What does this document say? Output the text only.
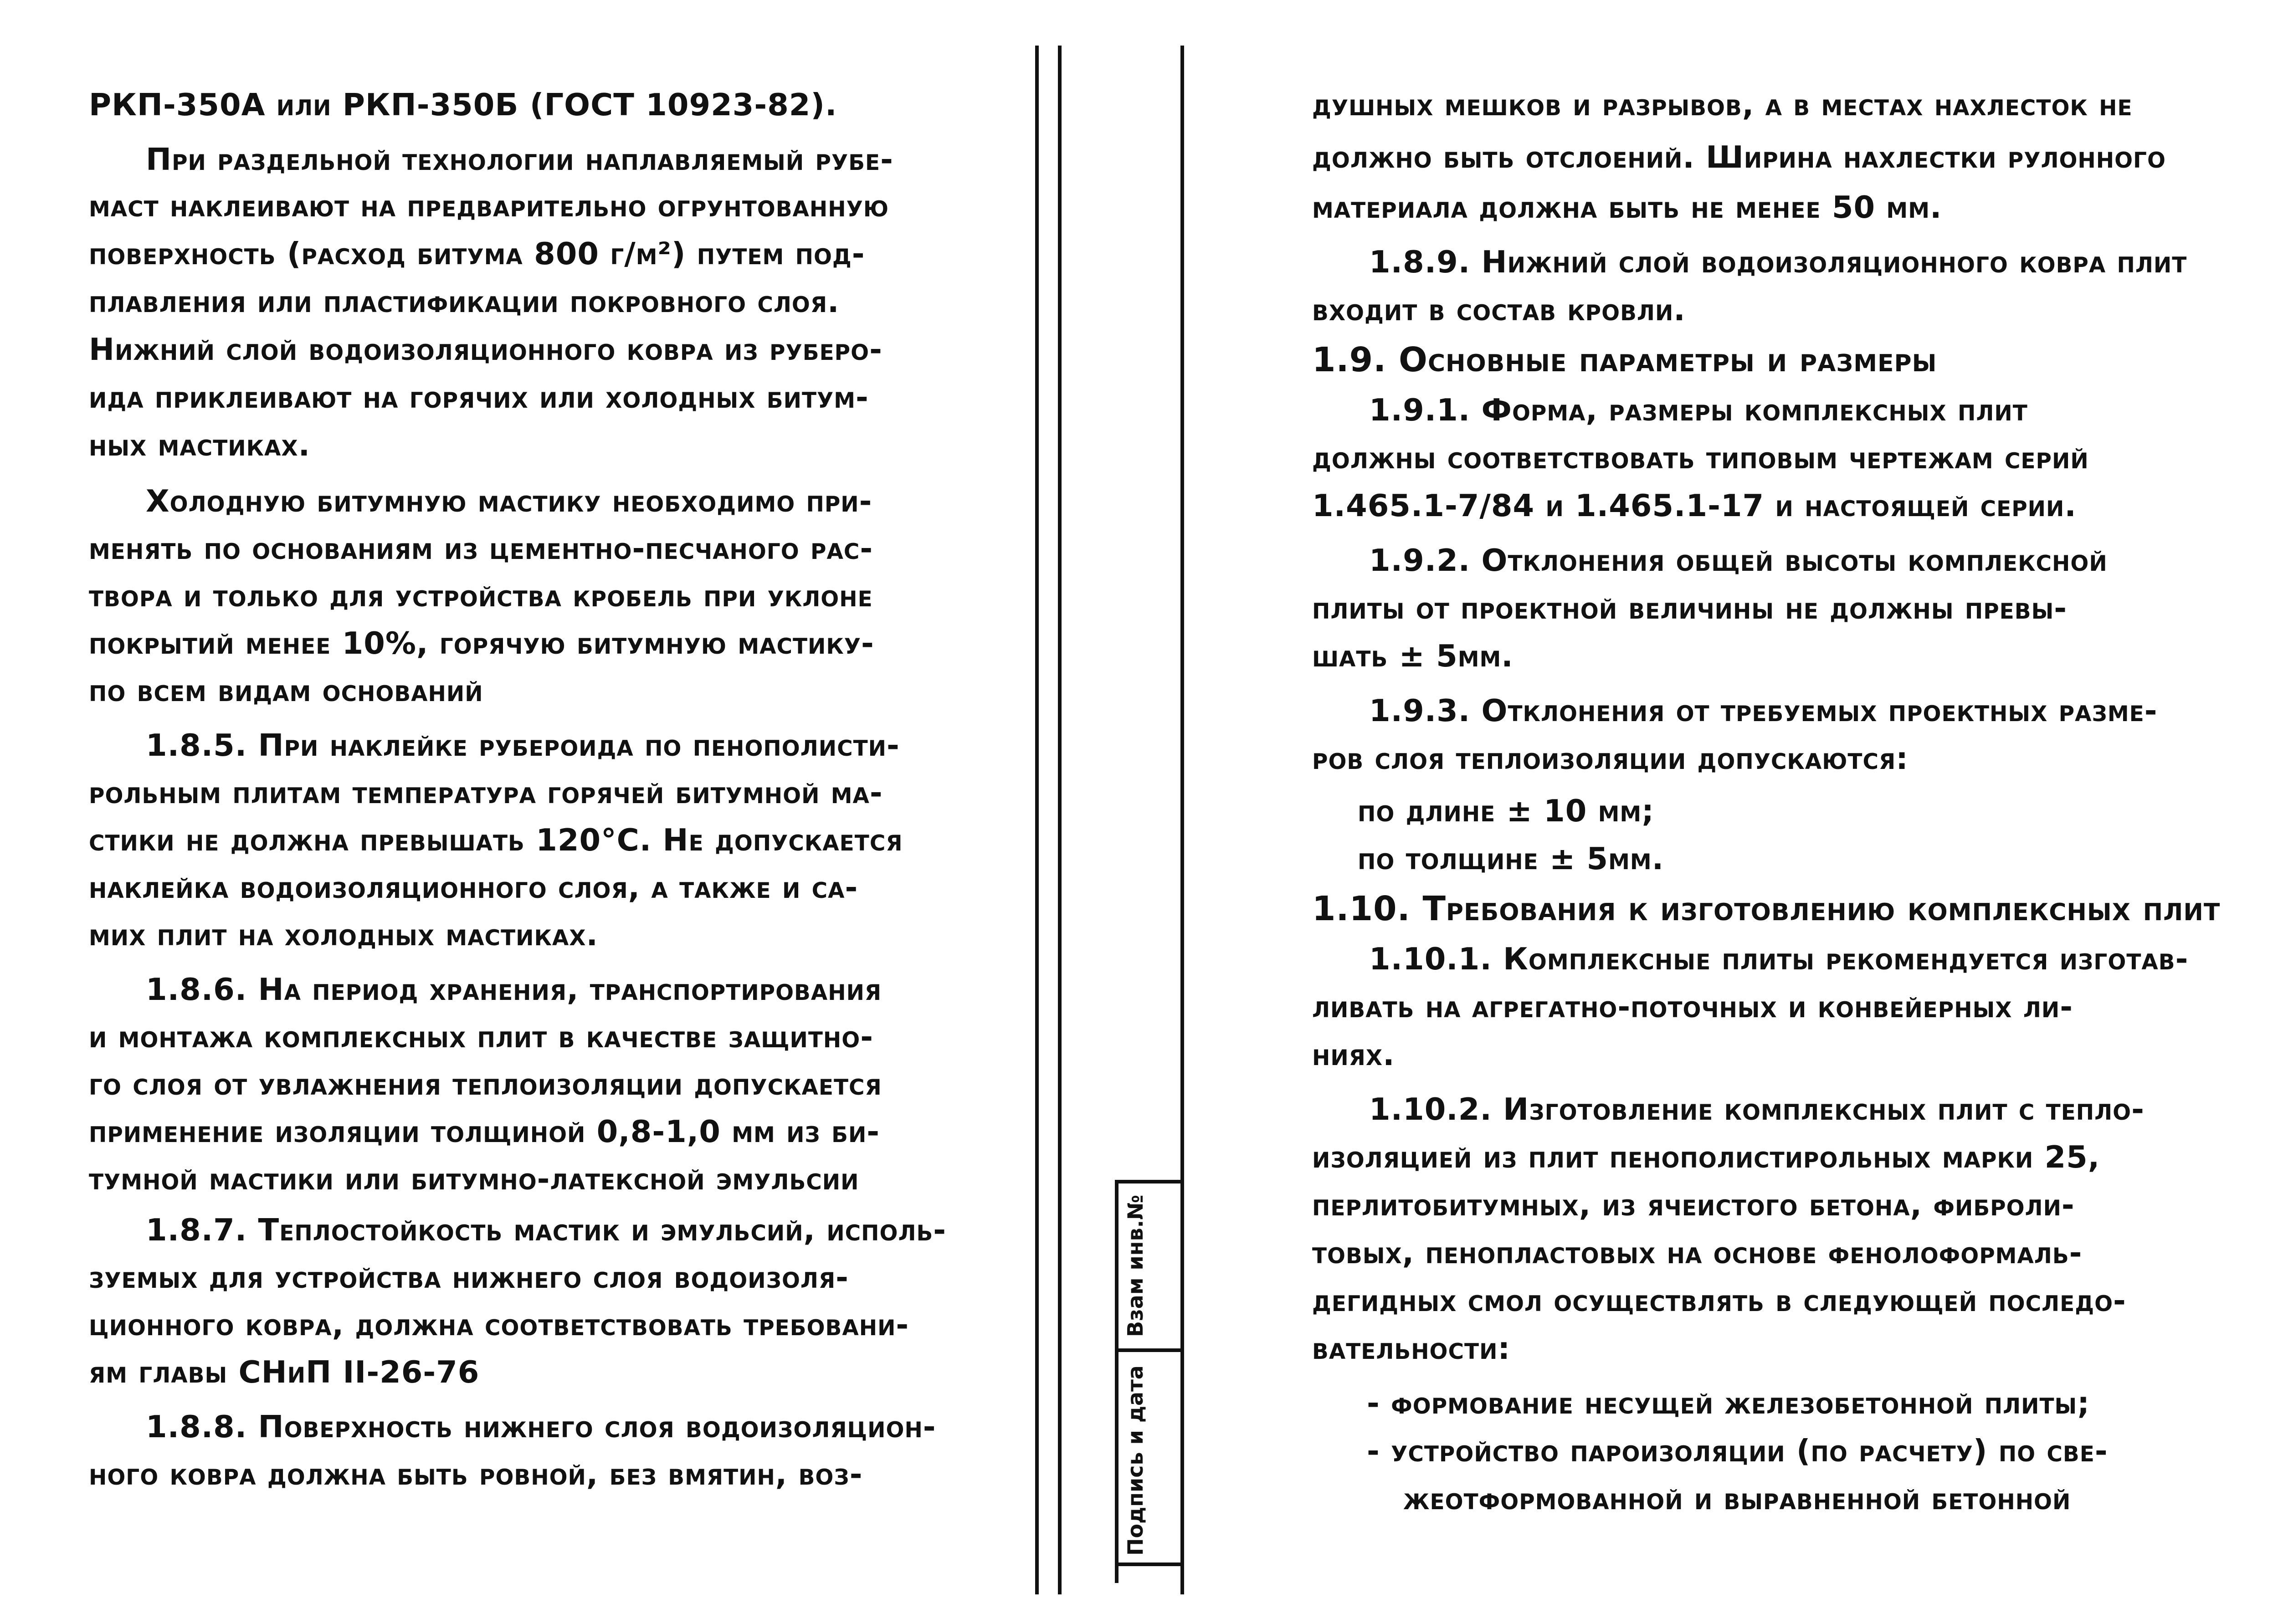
РКП-350А или РКП-350Б (ГОСТ 10923-82).
При раздельной технологии наплавляемый рубе-
маст наклеивают на предварительно огрунтованную
поверхность (расход битума 800 г/м²) путем под-
плавления или пластификации покровного слоя.
Нижний слой водоизоляционного ковра из руберо-
ида приклеивают на горячих или холодных битум-
ных мастиках.
Холодную битумную мастику необходимо при-
менять по основаниям из цементно-песчаного рас-
твора и только для устройства кробель при уклоне
покрытий менее 10%, горячую битумную мастику-
по всем видам оснований
1.8.5. При наклейке рубероида по пенополисти-
рольным плитам температура горячей битумной ма-
стики не должна превышать 120°С. Не допускается
наклейка водоизоляционного слоя, а также и са-
мих плит на холодных мастиках.
1.8.6. На период хранения, транспортирования
и монтажа комплексных плит в качестве защитно-
го слоя от увлажнения теплоизоляции допускается
применение изоляции толщиной 0,8-1,0 мм из би-
тумной мастики или битумно-латексной эмульсии
1.8.7. Теплостойкость мастик и эмульсий, исполь-
зуемых для устройства нижнего слоя водоизоля-
ционного ковра, должна соответствовать требовани-
ям главы СНиП II-26-76
1.8.8. Поверхность нижнего слоя водоизоляцион-
ного ковра должна быть ровной, без вмятин, воз-
Взам инв.№
Подпись и дата
душных мешков и разрывов, а в местах нахлесток не
должно быть отслоений. Ширина нахлестки рулонного
материала должна быть не менее 50 мм.
1.8.9. Нижний слой водоизоляционного ковра плит
входит в состав кровли.
1.9. Основные параметры и размеры
1.9.1. Форма, размеры комплексных плит
должны соответствовать типовым чертежам серий
1.465.1-7/84 и 1.465.1-17 и настоящей серии.
1.9.2. Отклонения общей высоты комплексной
плиты от проектной величины не должны превы-
шать ± 5мм.
1.9.3. Отклонения от требуемых проектных разме-
ров слоя теплоизоляции допускаются:
по длине ± 10 мм;
по толщине ± 5мм.
1.10. Требования к изготовлению комплексных плит
1.10.1. Комплексные плиты рекомендуется изготав-
ливать на агрегатно-поточных и конвейерных ли-
ниях.
1.10.2. Изготовление комплексных плит с тепло-
изоляцией из плит пенополистирольных марки 25,
перлитобитумных, из ячеистого бетона, фиброли-
товых, пенопластовых на основе фенолоформаль-
дегидных смол осуществлять в следующей последо-
вательности:
- формование несущей железобетонной плиты;
- устройство пароизоляции (по расчету) по све-
жеотформованной и выравненной бетонной
